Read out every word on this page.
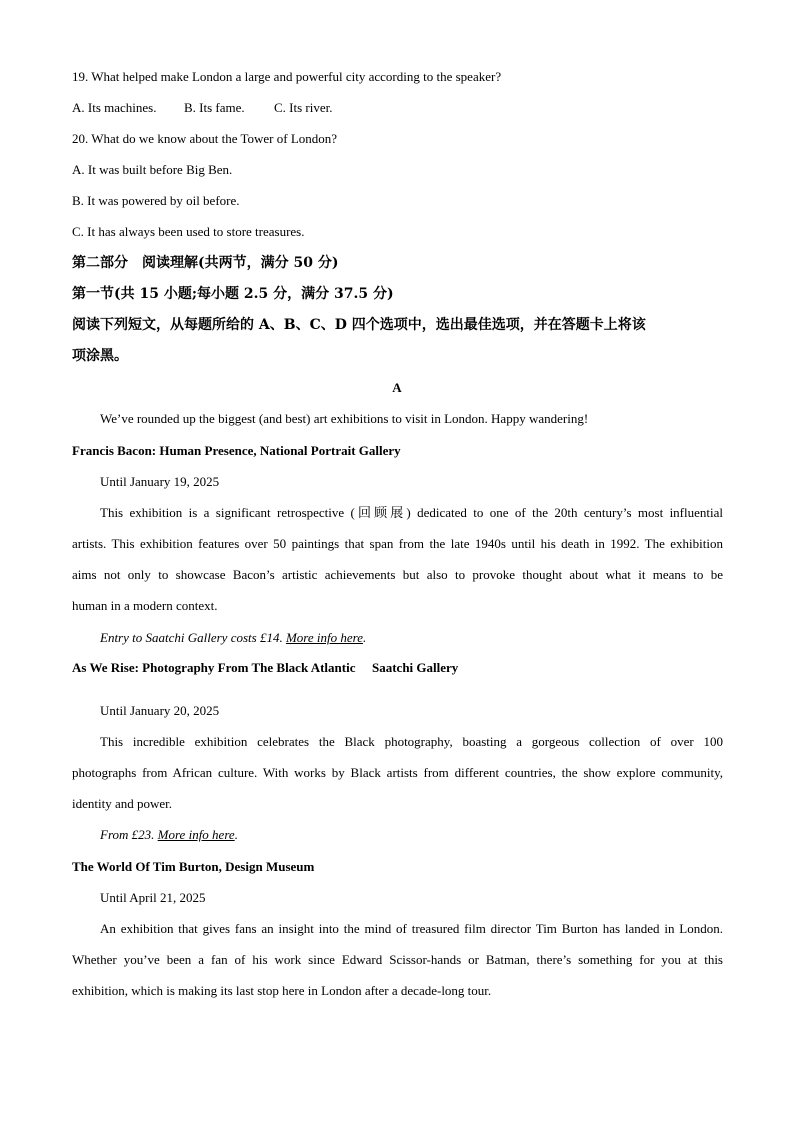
19. What helped make London a large and powerful city according to the speaker?
A. Its machines. B. Its fame. C. Its river.
20. What do we know about the Tower of London?
A. It was built before Big Ben.
B. It was powered by oil before.
C. It has always been used to store treasures.
第二部分　阅读理解(共两节，满分 50 分)
第一节(共 15 小题;每小题 2.5 分，满分 37.5 分)
阅读下列短文，从每题所给的 A、B、C、D 四个选项中，选出最佳选项，并在答题卡上将该
项涂黑。
A
We’ve rounded up the biggest (and best) art exhibitions to visit in London. Happy wandering!
Francis Bacon: Human Presence, National Portrait Gallery
Until January 19, 2025
This exhibition is a significant retrospective (回顾展) dedicated to one of the 20th century’s most influential
artists. This exhibition features over 50 paintings that span from the late 1940s until his death in 1992. The exhibition
aims not only to showcase Bacon’s artistic achievements but also to provoke thought about what it means to be
human in a modern context.
Entry to Saatchi Gallery costs £14. More info here.
As We Rise: Photography From The Black Atlantic Saatchi Gallery
Until January 20, 2025
This incredible exhibition celebrates the Black photography, boasting a gorgeous collection of over 100
photographs from African culture. With works by Black artists from different countries, the show explore community,
identity and power.
From £23. More info here.
The World Of Tim Burton, Design Museum
Until April 21, 2025
An exhibition that gives fans an insight into the mind of treasured film director Tim Burton has landed in London.
Whether you’ve been a fan of his work since Edward Scissor-hands or Batman, there’s something for you at this
exhibition, which is making its last stop here in London after a decade-long tour.
